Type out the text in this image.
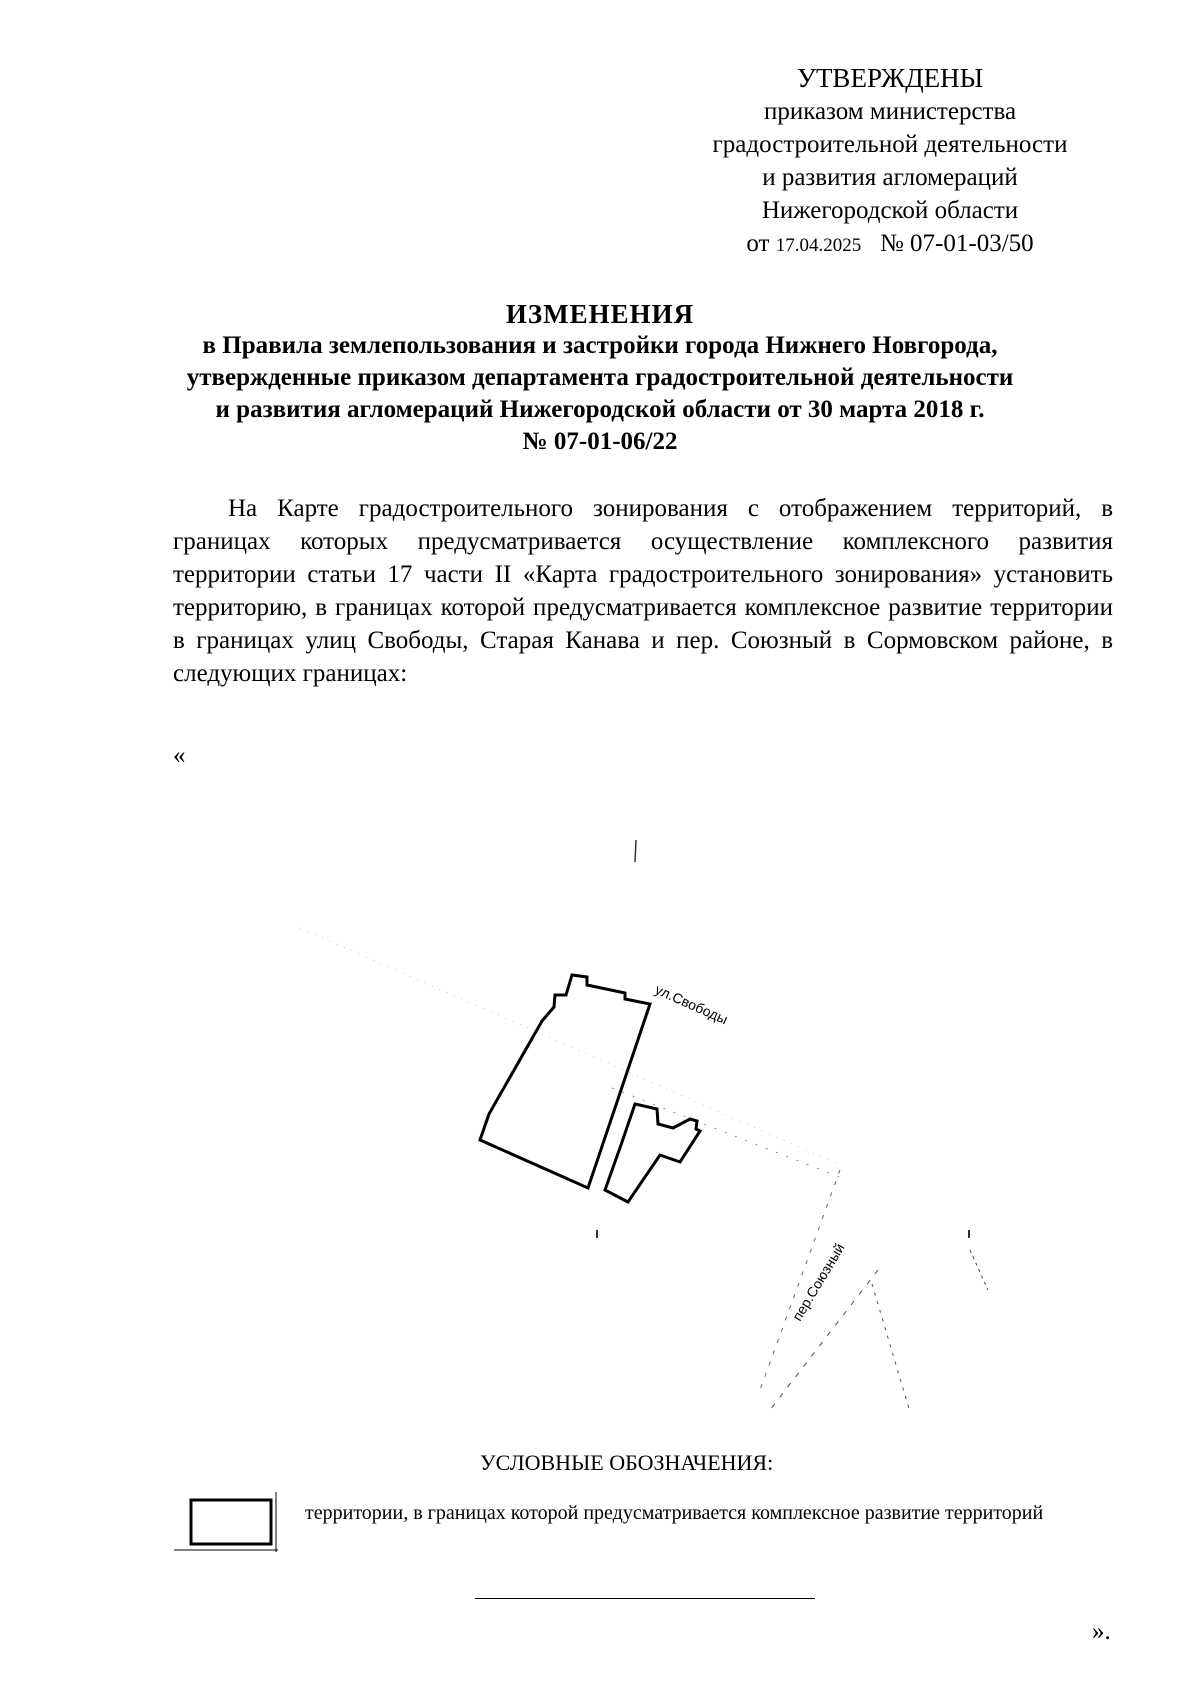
УТВЕРЖДЕНЫ
приказом министерства
градостроительной деятельности
и развития агломераций
Нижегородской области
от 17.04.2025 № 07-01-03/50
ИЗМЕНЕНИЯ
в Правила землепользования и застройки города Нижнего Новгорода,
утвержденные приказом департамента градостроительной деятельности
и развития агломераций Нижегородской области от 30 марта 2018 г.
№ 07-01-06/22

На Карте градостроительного зонирования с отображением территорий, в границах которых предусматривается осуществление комплексного развития территории статьи 17 части II «Карта градостроительного зонирования» установить территорию, в границах которой предусматривается комплексное развитие территории в границах улиц Свободы, Старая Канава и пер. Союзный в Сормовском районе, в следующих границах:

«
ул.Свободы
пер.Союзный
УСЛОВНЫЕ ОБОЗНАЧЕНИЯ:
территории, в границах которой предусматривается комплексное развитие территорий
».
